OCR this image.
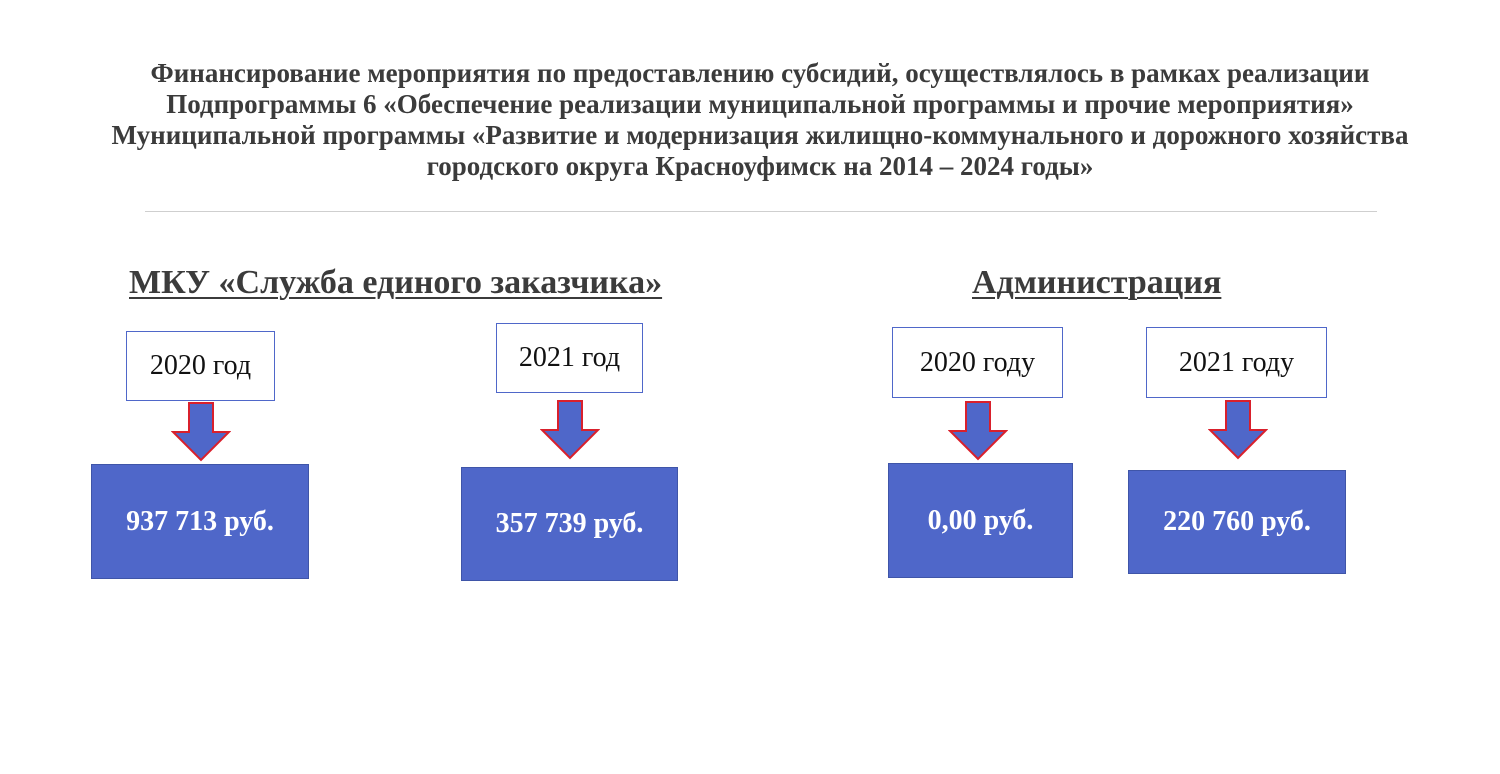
Финансирование мероприятия по предоставлению субсидий, осуществлялось в рамках реализации
Подпрограммы 6 «Обеспечение реализации муниципальной программы и прочие мероприятия»
Муниципальной программы «Развитие и модернизация жилищно-коммунального и дорожного хозяйства
городского округа Красноуфимск на 2014 – 2024 годы»
МКУ «Служба единого заказчика»
2020 год
937 713 руб.
2021 год
357 739 руб.
Администрация
2020 году
0,00 руб.
2021 году
220 760 руб.
